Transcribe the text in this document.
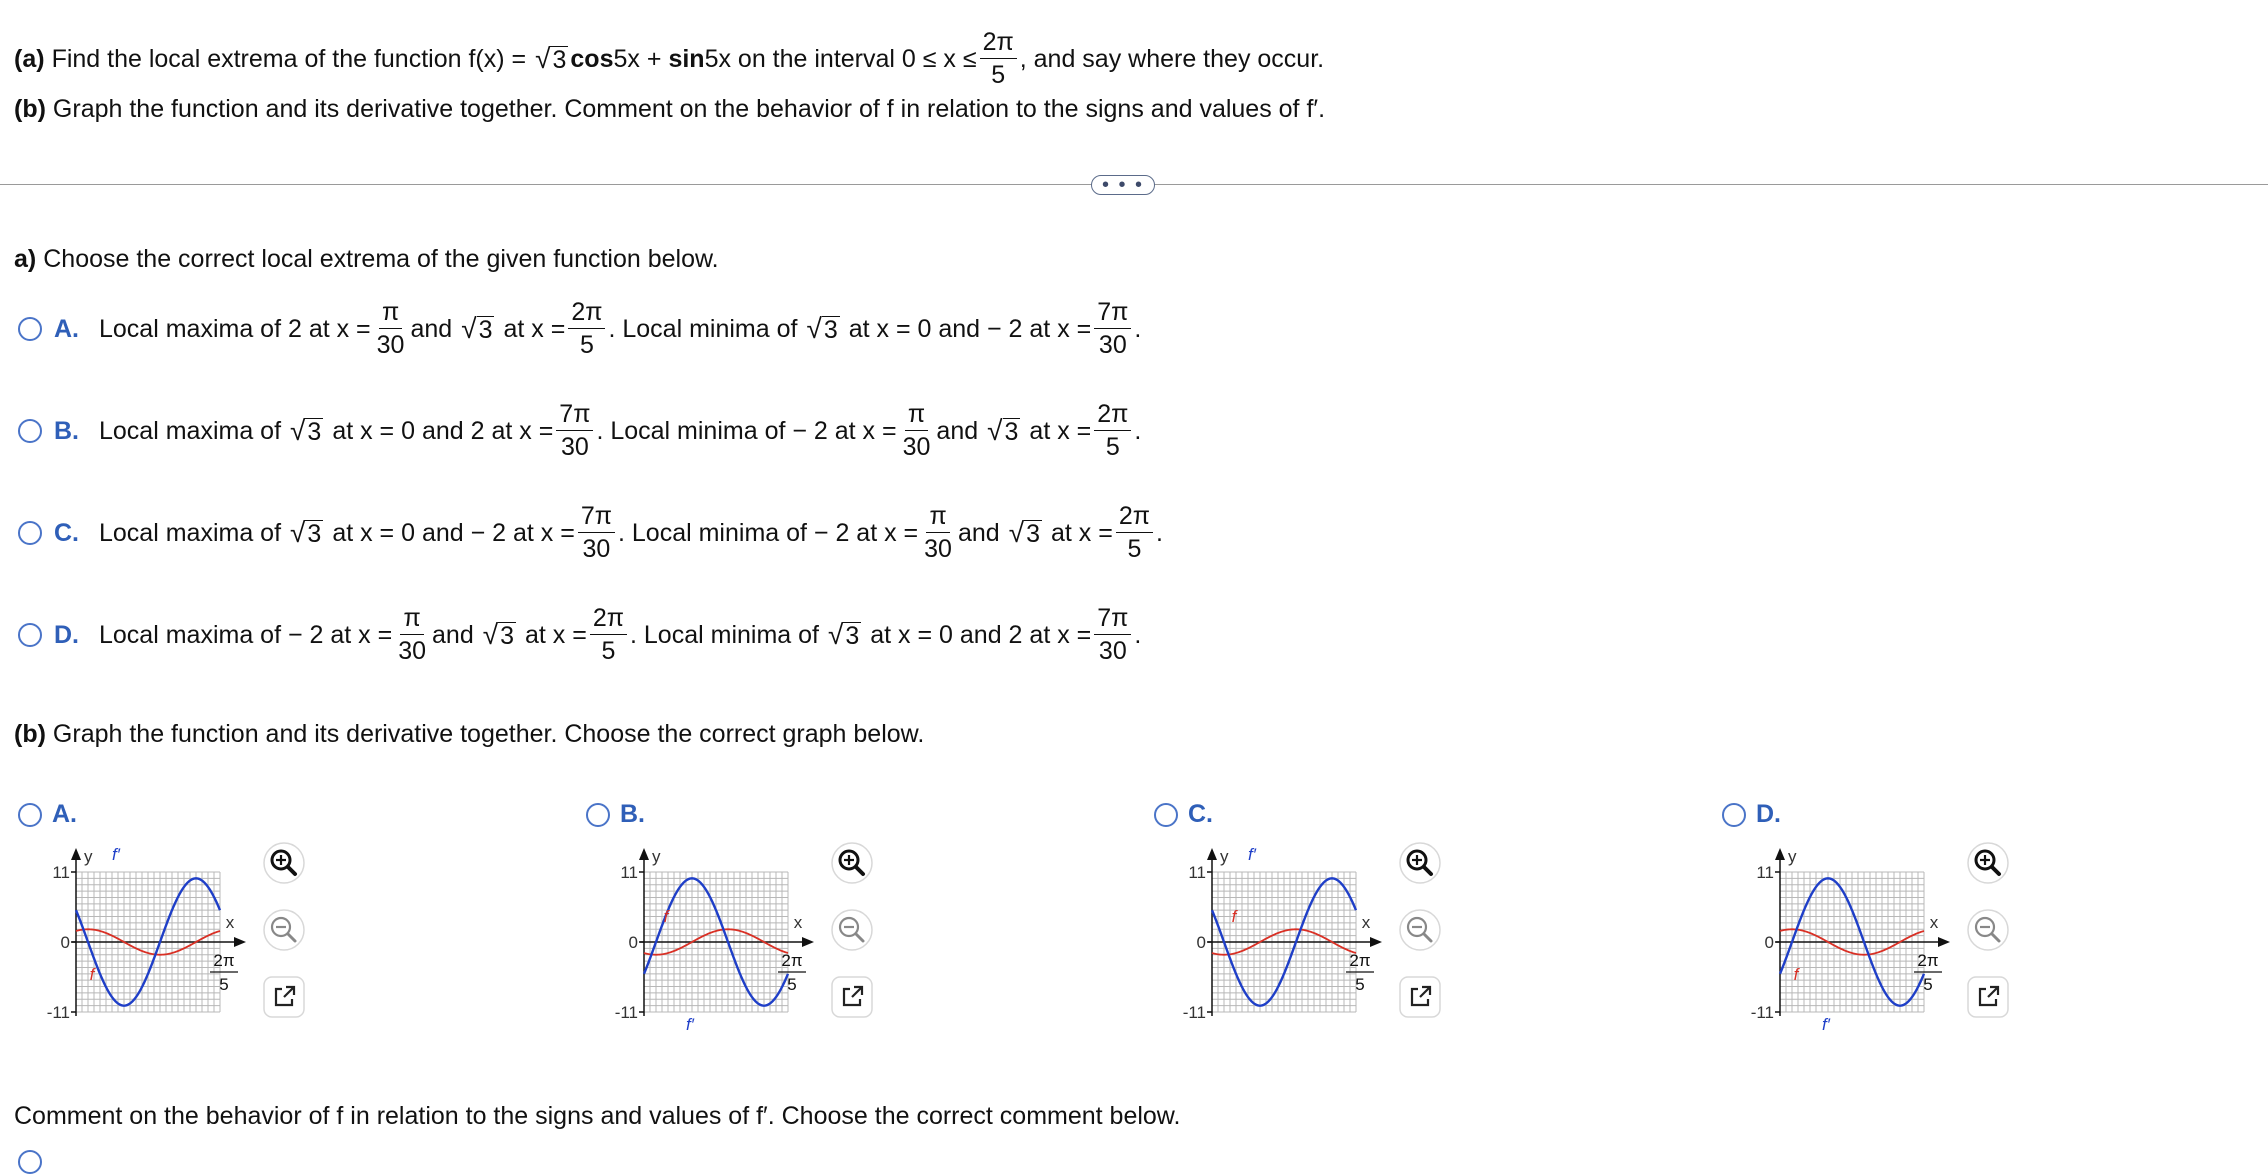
(a) Find the local extrema of the function f(x) = √ 3 cos 5x + sin 5x on the interval $0 \le x \le \frac{2\pi}{5}$ , and say where they occur.
(b) Graph the function and its derivative together. Comment on the behavior of f in relation to the signs and values of f′.
• • •
a) Choose the correct local extrema of the given function below.
A. Local maxima of 2 at $x = \frac{\pi}{30}$ and √ 3 at $x = \frac{2\pi}{5}$ . Local minima of √ 3 at x = 0 and − 2 at $x = \frac{7\pi}{30}$ .
B. Local maxima of √ 3 at x = 0 and 2 at $x = \frac{7\pi}{30}$ . Local minima of − 2 at $x = \frac{\pi}{30}$ and √ 3 at $x = \frac{2\pi}{5}$ .
C. Local maxima of √ 3 at x = 0 and − 2 at $x = \frac{7\pi}{30}$ . Local minima of − 2 at $x = \frac{\pi}{30}$ and √ 3 at $x = \frac{2\pi}{5}$ .
D. Local maxima of − 2 at $x = \frac{\pi}{30}$ and √ 3 at $x = \frac{2\pi}{5}$ . Local minima of √ 3 at x = 0 and 2 at $x = \frac{7\pi}{30}$ .
(b) Graph the function and its derivative together. Choose the correct graph below.
A.	B.	C.	D.
11
0
-11
y
x
2π
5
f′
f
11
0
-11
y
x
2π
5
f′
f
11
0
-11
y
x
2π
5
f′
f
11
0
-11
y
x
2π
5
f′
f
Comment on the behavior of f in relation to the signs and values of f′. Choose the correct comment below.
